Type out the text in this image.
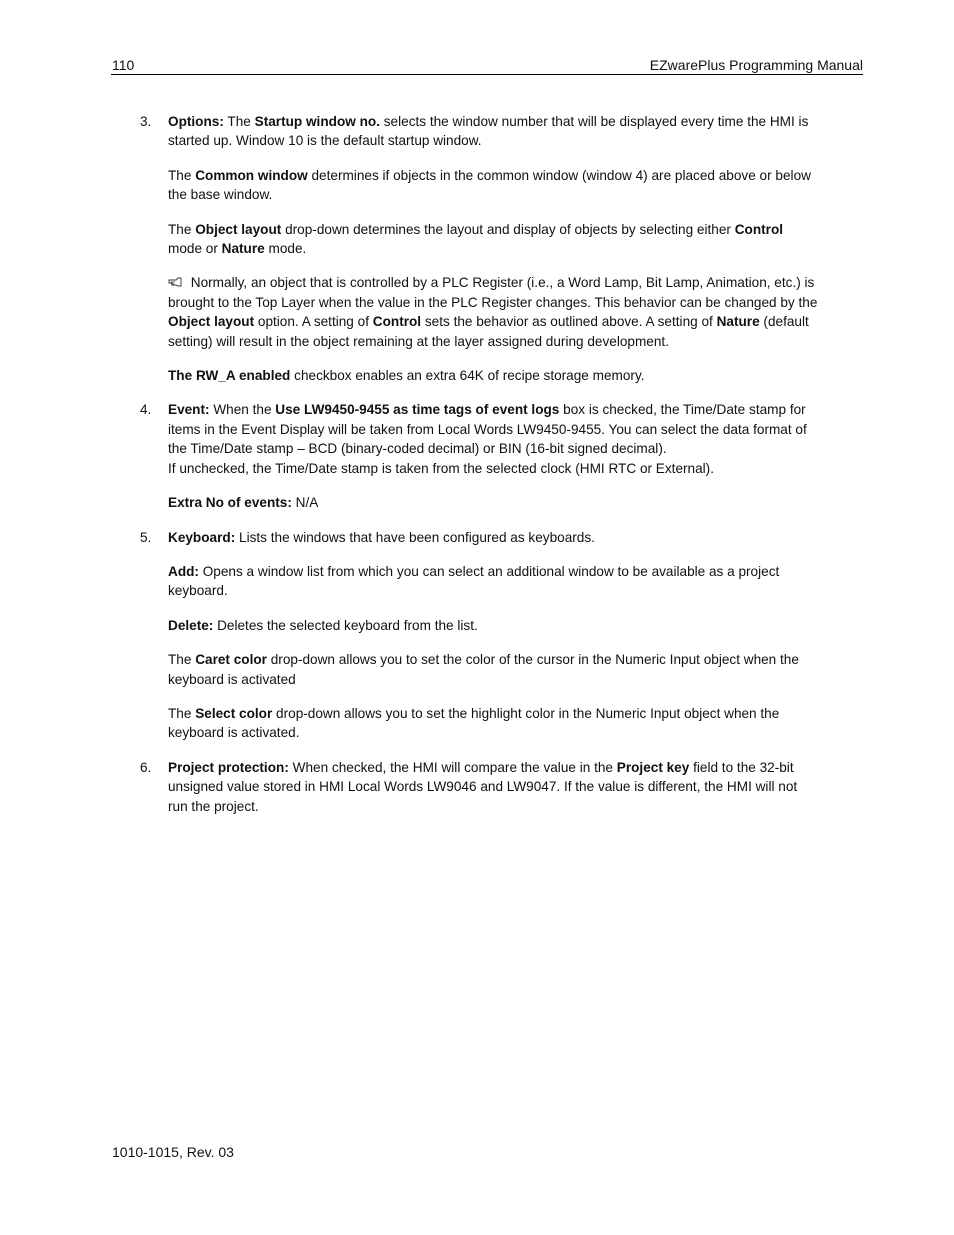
110	EZwarePlus Programming Manual
3. Options: The Startup window no. selects the window number that will be displayed every time the HMI is started up. Window 10 is the default startup window.

The Common window determines if objects in the common window (window 4) are placed above or below the base window.

The Object layout drop-down determines the layout and display of objects by selecting either Control mode or Nature mode.

Normally, an object that is controlled by a PLC Register (i.e., a Word Lamp, Bit Lamp, Animation, etc.) is brought to the Top Layer when the value in the PLC Register changes. This behavior can be changed by the Object layout option. A setting of Control sets the behavior as outlined above. A setting of Nature (default setting) will result in the object remaining at the layer assigned during development.

The RW_A enabled checkbox enables an extra 64K of recipe storage memory.

4. Event: When the Use LW9450-9455 as time tags of event logs box is checked, the Time/Date stamp for items in the Event Display will be taken from Local Words LW9450-9455. You can select the data format of the Time/Date stamp – BCD (binary-coded decimal) or BIN (16-bit signed decimal).
If unchecked, the Time/Date stamp is taken from the selected clock (HMI RTC or External).

Extra No of events: N/A

5. Keyboard: Lists the windows that have been configured as keyboards.

Add: Opens a window list from which you can select an additional window to be available as a project keyboard.

Delete: Deletes the selected keyboard from the list.

The Caret color drop-down allows you to set the color of the cursor in the Numeric Input object when the keyboard is activated

The Select color drop-down allows you to set the highlight color in the Numeric Input object when the keyboard is activated.

6. Project protection: When checked, the HMI will compare the value in the Project key field to the 32-bit unsigned value stored in HMI Local Words LW9046 and LW9047. If the value is different, the HMI will not run the project.

1010-1015, Rev. 03
